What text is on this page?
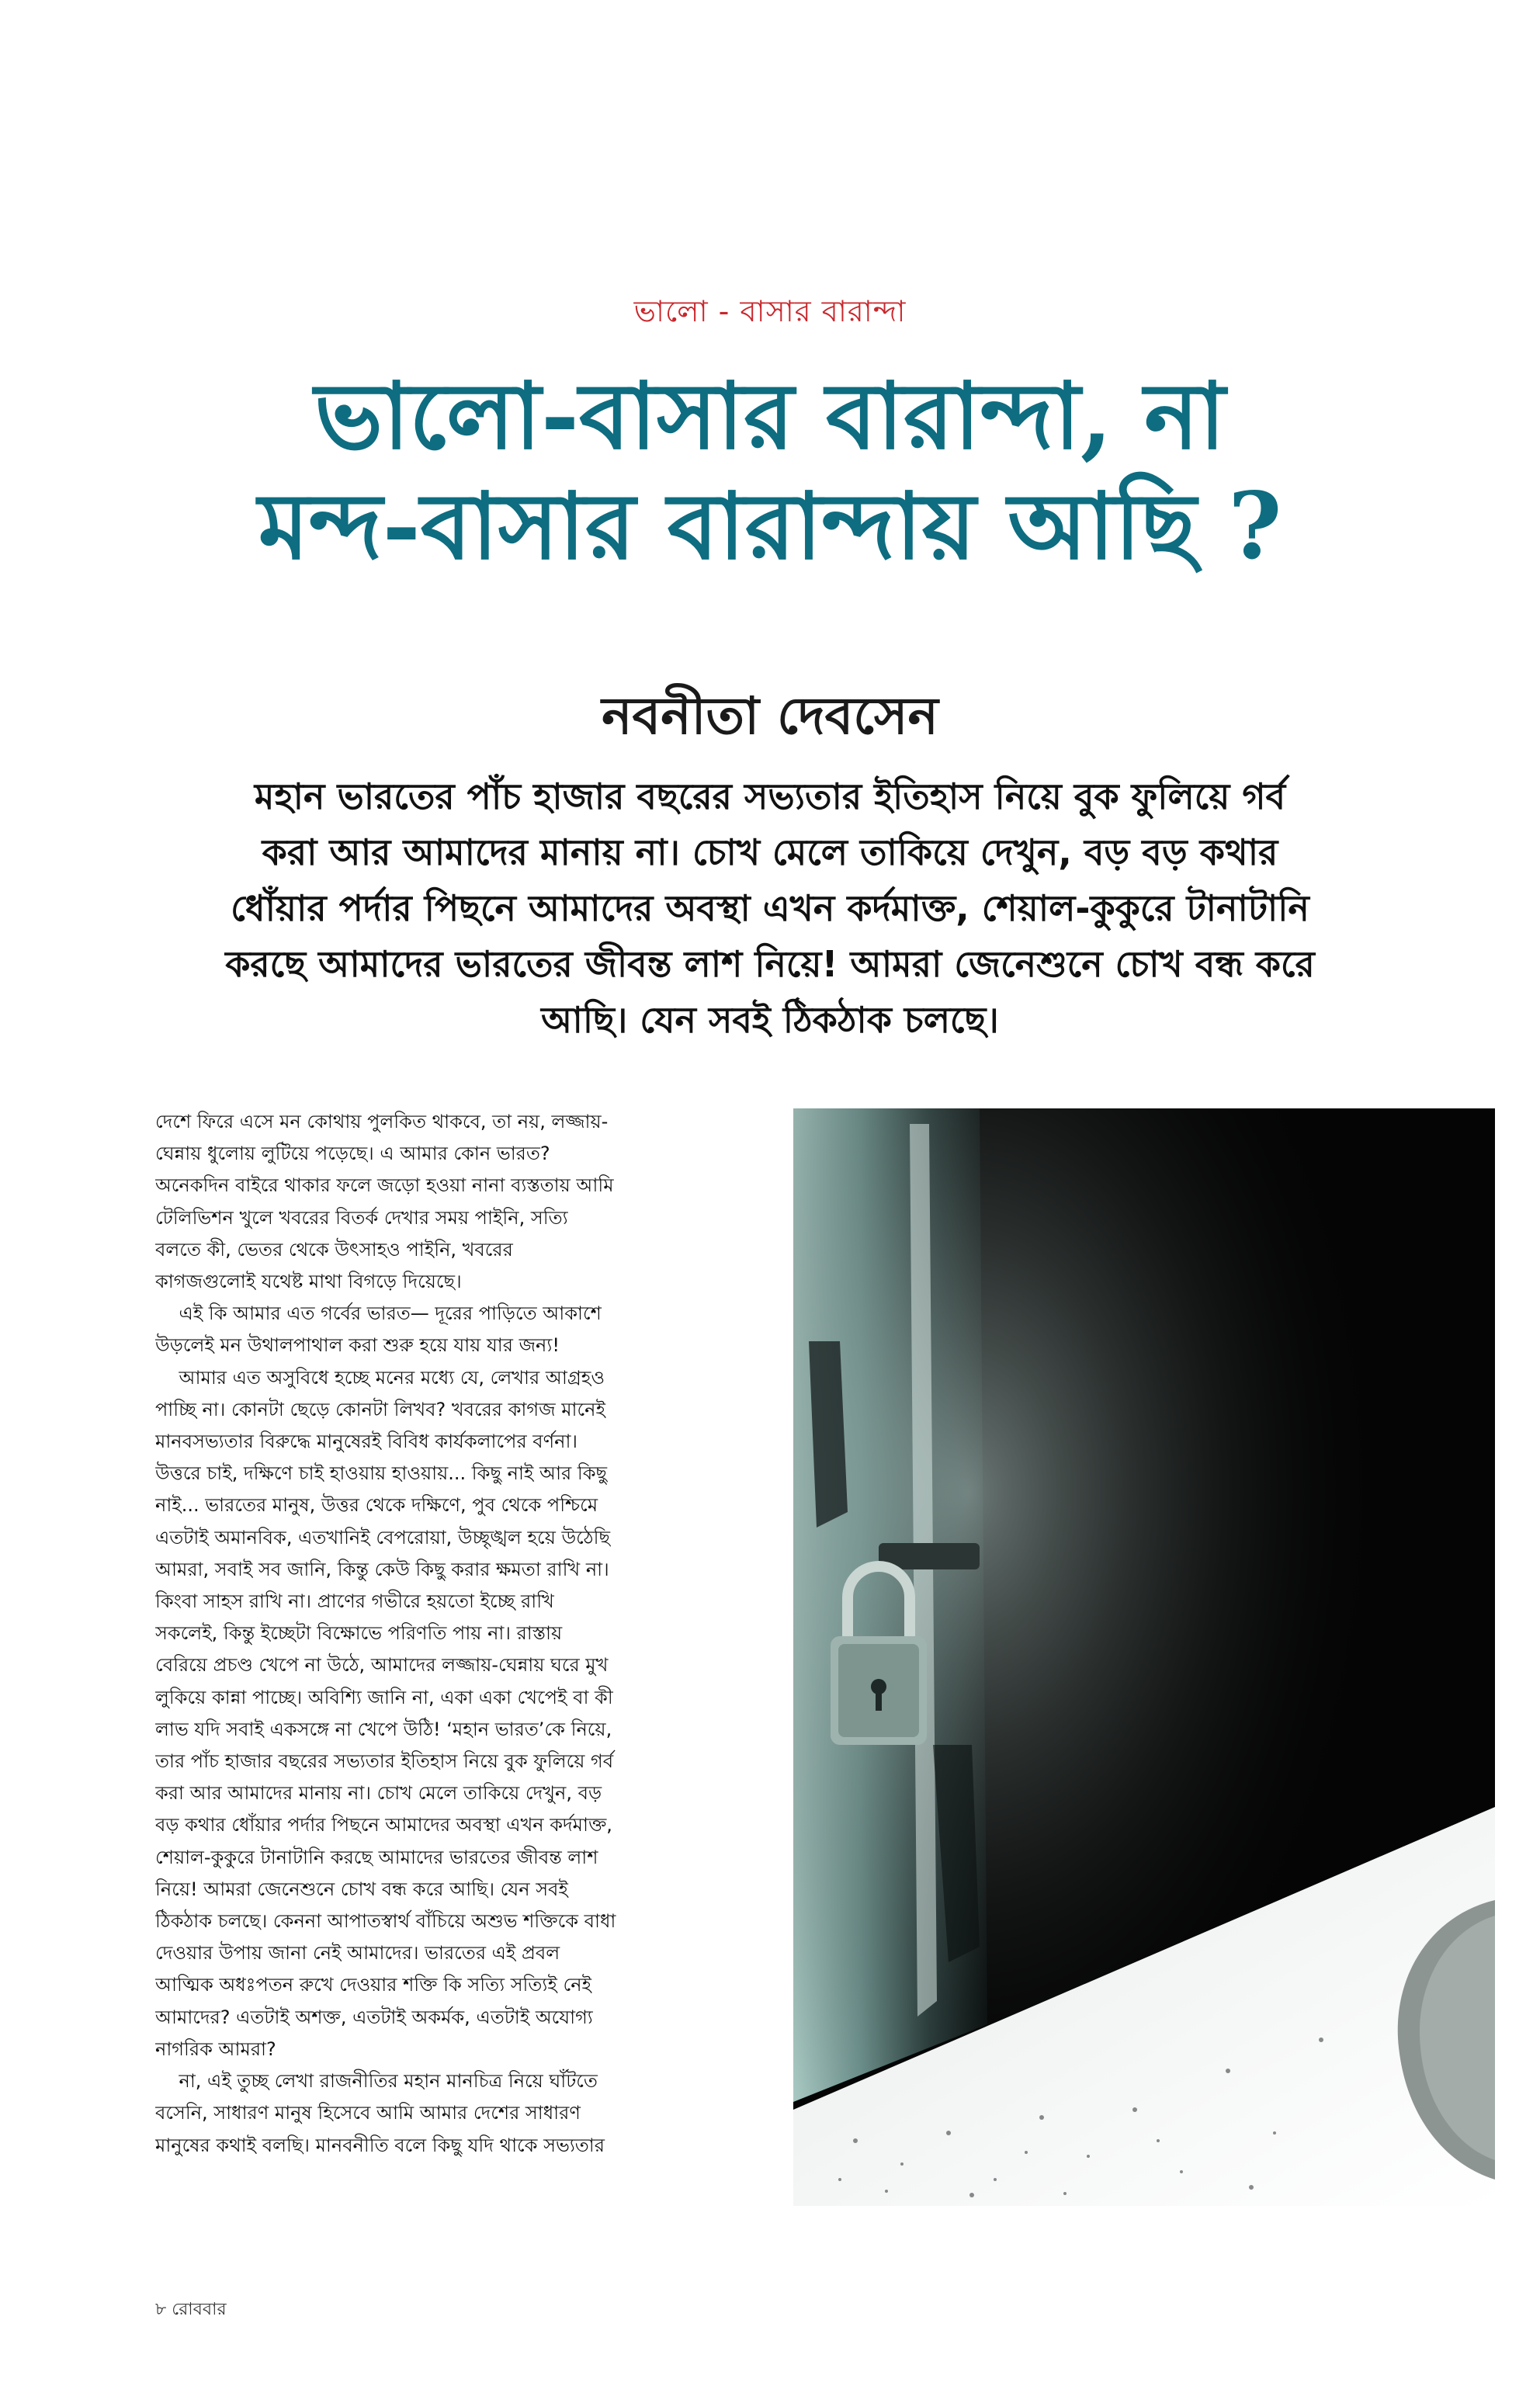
ভালো - বাসার বারান্দা
ভালো-বাসার বারান্দা, না
মন্দ-বাসার বারান্দায় আছি ?
নবনীতা দেবসেন
মহান ভারতের পাঁচ হাজার বছরের সভ্যতার ইতিহাস নিয়ে বুক ফুলিয়ে গর্ব
করা আর আমাদের মানায় না। চোখ মেলে তাকিয়ে দেখুন, বড় বড় কথার
ধোঁয়ার পর্দার পিছনে আমাদের অবস্থা এখন কর্দমাক্ত, শেয়াল-কুকুরে টানাটানি
করছে আমাদের ভারতের জীবন্ত লাশ নিয়ে! আমরা জেনেশুনে চোখ বন্ধ করে
আছি। যেন সবই ঠিকঠাক চলছে।
দেশে ফিরে এসে মন কোথায় পুলকিত থাকবে, তা নয়, লজ্জায়-
ঘেন্নায় ধুলোয় লুটিয়ে পড়েছে। এ আমার কোন ভারত?
অনেকদিন বাইরে থাকার ফলে জড়ো হওয়া নানা ব্যস্ততায় আমি
টেলিভিশন খুলে খবরের বিতর্ক দেখার সময় পাইনি, সত্যি
বলতে কী, ভেতর থেকে উৎসাহও পাইনি, খবরের
কাগজগুলোই যথেষ্ট মাথা বিগড়ে দিয়েছে।
এই কি আমার এত গর্বের ভারত— দূরের পাড়িতে আকাশে
উড়লেই মন উথালপাথাল করা শুরু হয়ে যায় যার জন্য!
আমার এত অসুবিধে হচ্ছে মনের মধ্যে যে, লেখার আগ্রহও
পাচ্ছি না। কোনটা ছেড়ে কোনটা লিখব? খবরের কাগজ মানেই
মানবসভ্যতার বিরুদ্ধে মানুষেরই বিবিধ কার্যকলাপের বর্ণনা।
উত্তরে চাই, দক্ষিণে চাই হাওয়ায় হাওয়ায়... কিছু নাই আর কিছু
নাই... ভারতের মানুষ, উত্তর থেকে দক্ষিণে, পুব থেকে পশ্চিমে
এতটাই অমানবিক, এতখানিই বেপরোয়া, উচ্ছৃঙ্খল হয়ে উঠেছি
আমরা, সবাই সব জানি, কিন্তু কেউ কিছু করার ক্ষমতা রাখি না।
কিংবা সাহস রাখি না। প্রাণের গভীরে হয়তো ইচ্ছে রাখি
সকলেই, কিন্তু ইচ্ছেটা বিক্ষোভে পরিণতি পায় না। রাস্তায়
বেরিয়ে প্রচণ্ড খেপে না উঠে, আমাদের লজ্জায়-ঘেন্নায় ঘরে মুখ
লুকিয়ে কান্না পাচ্ছে। অবিশ্যি জানি না, একা একা খেপেই বা কী
লাভ যদি সবাই একসঙ্গে না খেপে উঠি! ‘মহান ভারত’কে নিয়ে,
তার পাঁচ হাজার বছরের সভ্যতার ইতিহাস নিয়ে বুক ফুলিয়ে গর্ব
করা আর আমাদের মানায় না। চোখ মেলে তাকিয়ে দেখুন, বড়
বড় কথার ধোঁয়ার পর্দার পিছনে আমাদের অবস্থা এখন কর্দমাক্ত,
শেয়াল-কুকুরে টানাটানি করছে আমাদের ভারতের জীবন্ত লাশ
নিয়ে! আমরা জেনেশুনে চোখ বন্ধ করে আছি। যেন সবই
ঠিকঠাক চলছে। কেননা আপাতস্বার্থ বাঁচিয়ে অশুভ শক্তিকে বাধা
দেওয়ার উপায় জানা নেই আমাদের। ভারতের এই প্রবল
আত্মিক অধঃপতন রুখে দেওয়ার শক্তি কি সত্যি সত্যিই নেই
আমাদের? এতটাই অশক্ত, এতটাই অকর্মক, এতটাই অযোগ্য
নাগরিক আমরা?
না, এই তুচ্ছ লেখা রাজনীতির মহান মানচিত্র নিয়ে ঘাঁটতে
বসেনি, সাধারণ মানুষ হিসেবে আমি আমার দেশের সাধারণ
মানুষের কথাই বলছি। মানবনীতি বলে কিছু যদি থাকে সভ্যতার
৮ রোববার
